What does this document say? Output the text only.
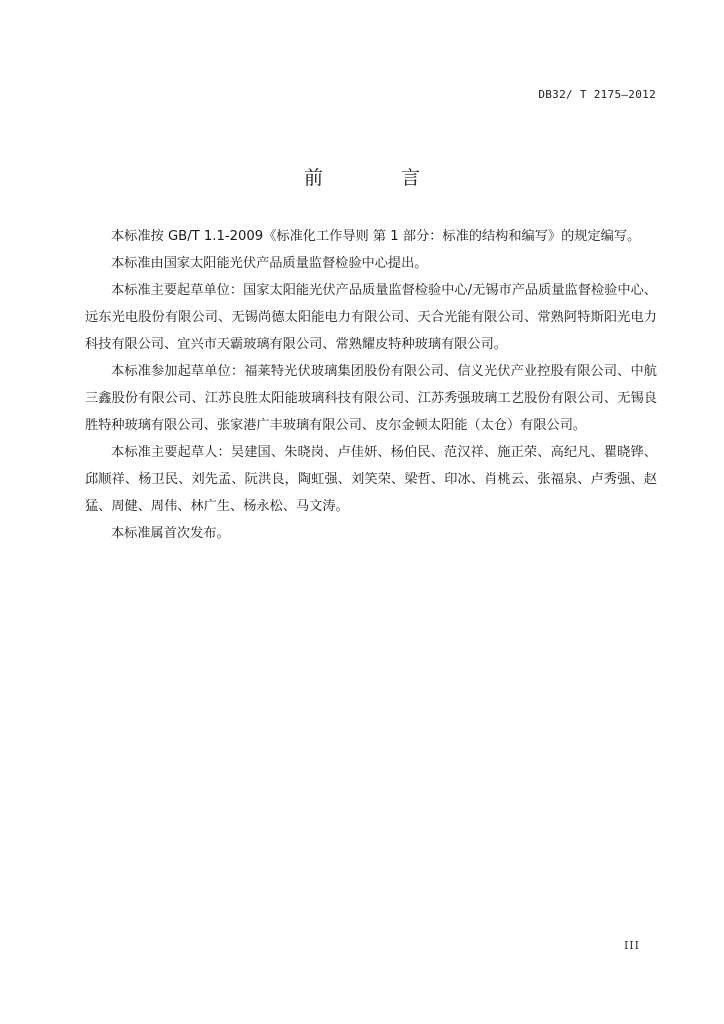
DB32/ T 2175—2012
前 言

本标准按 GB/T 1.1-2009《标准化工作导则 第 1 部分：标准的结构和编写》的规定编写。

本标准由国家太阳能光伏产品质量监督检验中心提出。

本标准主要起草单位：国家太阳能光伏产品质量监督检验中心/无锡市产品质量监督检验中心、远东光电股份有限公司、无锡尚德太阳能电力有限公司、天合光能有限公司、常熟阿特斯阳光电力科技有限公司、宜兴市天霸玻璃有限公司、常熟耀皮特种玻璃有限公司。

本标准参加起草单位：福莱特光伏玻璃集团股份有限公司、信义光伏产业控股有限公司、中航三鑫股份有限公司、江苏良胜太阳能玻璃科技有限公司、江苏秀强玻璃工艺股份有限公司、无锡良胜特种玻璃有限公司、张家港广丰玻璃有限公司、皮尔金顿太阳能（太仓）有限公司。

本标准主要起草人：吴建国、朱晓岗、卢佳妍、杨伯民、范汉祥、施正荣、高纪凡、瞿晓铧、邱顺祥、杨卫民、刘先孟、阮洪良，陶虹强、刘笑荣、梁哲、印冰、肖桃云、张福泉、卢秀强、赵猛、周健、周伟、林广生、杨永松、马文涛。

本标准属首次发布。

III
